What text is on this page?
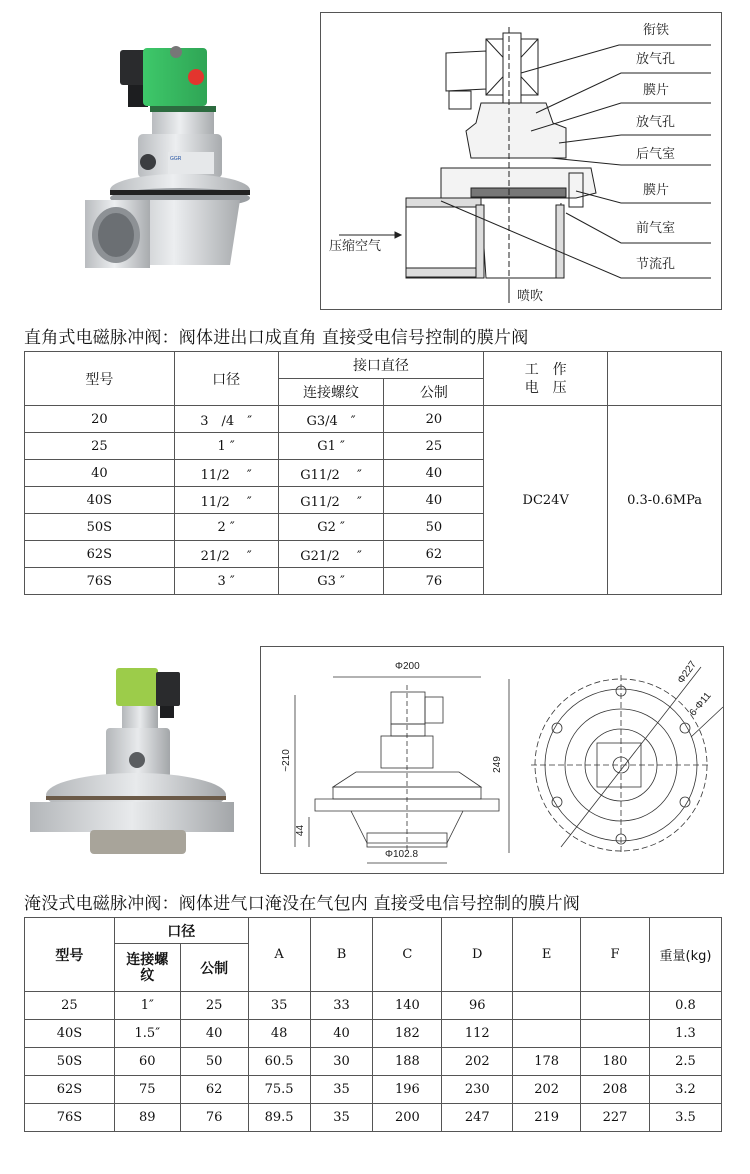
GGR
衔铁
放气孔
膜片
放气孔
后气室
膜片
前气室
节流孔
压缩空气
喷吹
直角式电磁脉冲阀：阀体进出口成直角 直接受电信号控制的膜片阀
型号	口径	接口直径		工　作
电　压	

		连接螺纹	公制		
20	3　/4　″	G3/4　″	20	DC24V	0.3-0.6MPa
25	1 ″	G1 ″	25		
40	11/2　 ″	G11/2　 ″	40		
40S	11/2　 ″	G11/2　 ″	40		
50S	2 ″	G2 ″	50		
62S	21/2　 ″	G21/2　 ″	62		
76S	3 ″	G3 ″	76		
Φ200
~210
44
Φ102.8
249
Φ227
6-Φ11
淹没式电磁脉冲阀：阀体进气口淹没在气包内 直接受电信号控制的膜片阀
型号	口径		A	B	C	D	E	F	重量(kg)
	连接螺纹	公制							
25	1″	25	35	33	140	96			0.8
40S	1.5″	40	48	40	182	112			1.3
50S	60	50	60.5	30	188	202	178	180	2.5
62S	75	62	75.5	35	196	230	202	208	3.2
76S	89	76	89.5	35	200	247	219	227	3.5
